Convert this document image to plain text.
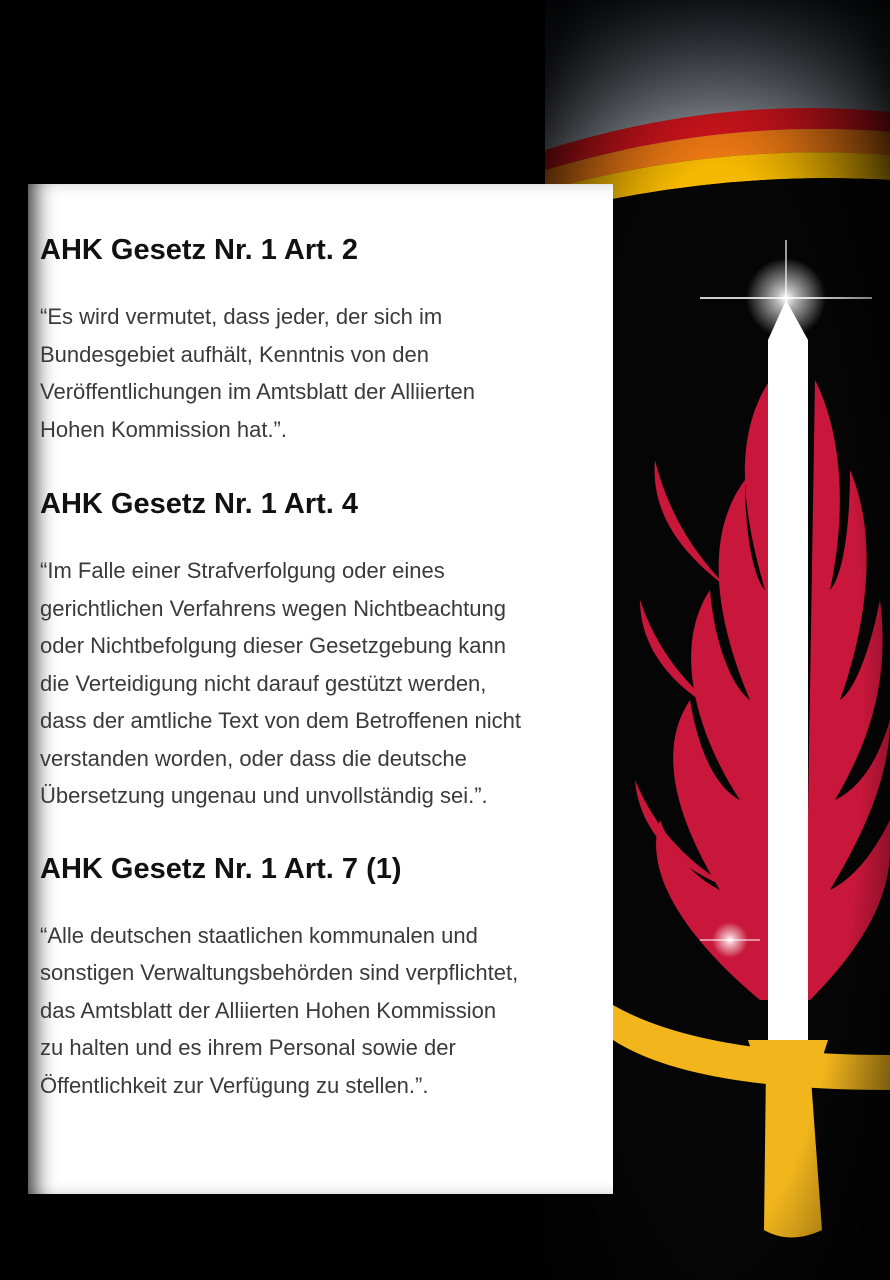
AHK Gesetz Nr. 1 Art. 2

“Es wird vermutet, dass jeder, der sich im
Bundesgebiet aufhält, Kenntnis von den
Veröffentlichungen im Amtsblatt der Alliierten
Hohen Kommission hat.”.

AHK Gesetz Nr. 1 Art. 4

“Im Falle einer Strafverfolgung oder eines
gerichtlichen Verfahrens wegen Nichtbeachtung
oder Nichtbefolgung dieser Gesetzgebung kann
die Verteidigung nicht darauf gestützt werden,
dass der amtliche Text von dem Betroffenen nicht
verstanden worden, oder dass die deutsche
Übersetzung ungenau und unvollständig sei.”.

AHK Gesetz Nr. 1 Art. 7 (1)

“Alle deutschen staatlichen kommunalen und
sonstigen Verwaltungsbehörden sind verpflichtet,
das Amtsblatt der Alliierten Hohen Kommission
zu halten und es ihrem Personal sowie der
Öffentlichkeit zur Verfügung zu stellen.”.
